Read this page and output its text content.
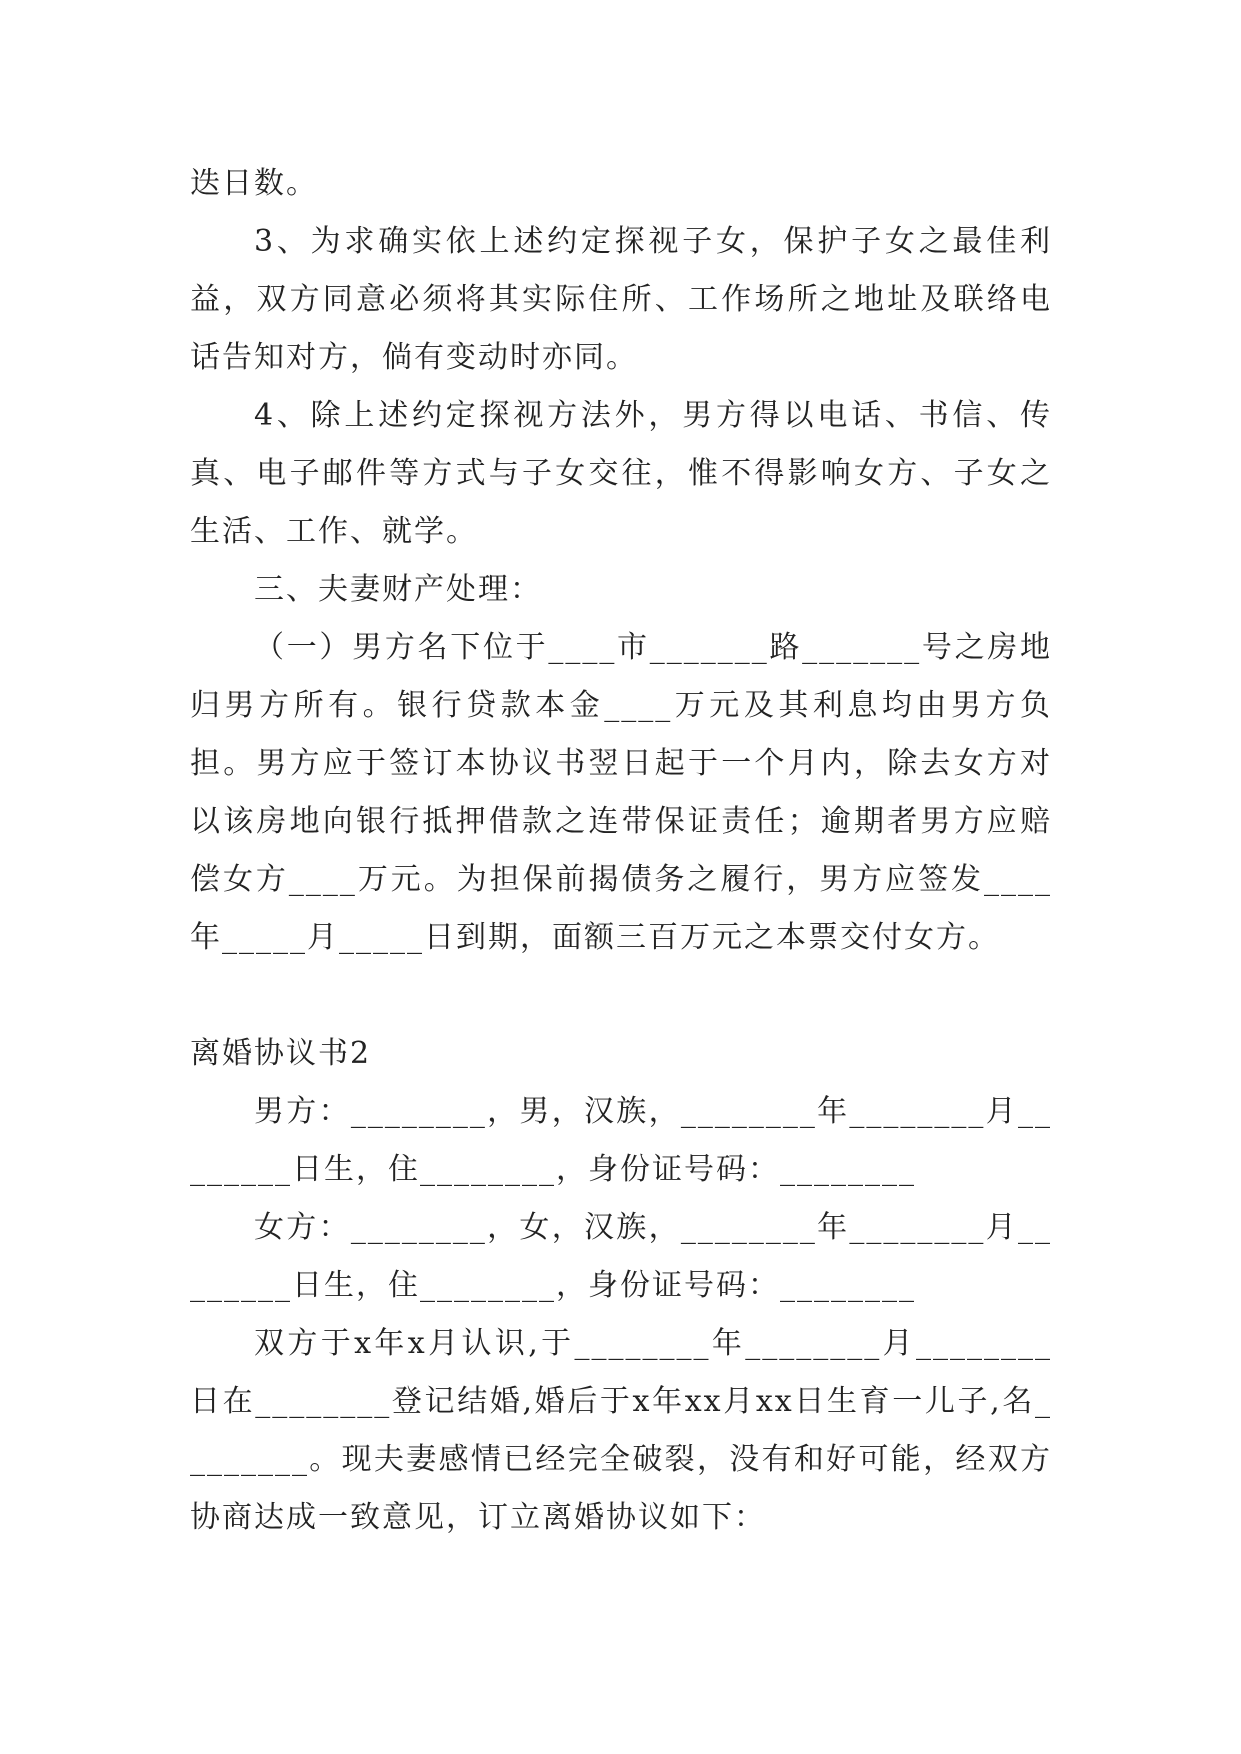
迭日数。

3、为求确实依上述约定探视子女，保护子女之最佳利益，双方同意必须将其实际住所、工作场所之地址及联络电话告知对方，倘有变动时亦同。

4、除上述约定探视方法外，男方得以电话、书信、传真、电子邮件等方式与子女交往，惟不得影响女方、子女之生活、工作、就学。

三、夫妻财产处理：

（一）男方名下位于____市_______路_______号之房地归男方所有。银行贷款本金____万元及其利息均由男方负担。男方应于签订本协议书翌日起于一个月内，除去女方对以该房地向银行抵押借款之连带保证责任；逾期者男方应赔偿女方____万元。为担保前揭债务之履行，男方应签发____年_____月_____日到期，面额三百万元之本票交付女方。

离婚协议书2

男方：________，男，汉族，________年________月________日生，住________，身份证号码：________

女方：________，女，汉族，________年________月________日生，住________，身份证号码：________

双方于x年x月认识,于________年________月________日在________登记结婚,婚后于x年xx月xx日生育一儿子,名________。现夫妻感情已经完全破裂，没有和好可能，经双方协商达成一致意见，订立离婚协议如下：
